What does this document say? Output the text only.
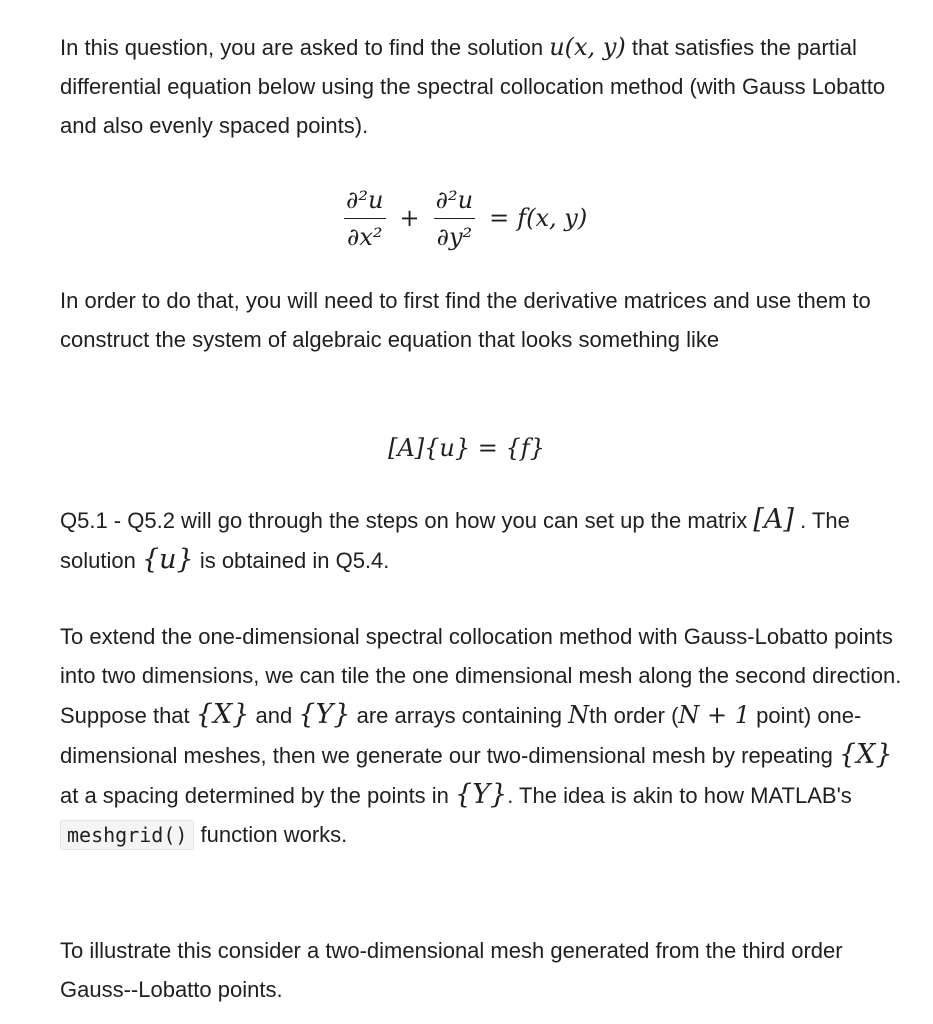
In this question, you are asked to find the solution u(x, y) that satisfies the partial differential equation below using the spectral collocation method (with Gauss Lobatto and also evenly spaced points).

$\frac{\text{∂²u}}{\text{∂x²}} + \frac{\text{∂²u}}{\text{∂y²}} = f(x$, y)

In order to do that, you will need to first find the derivative matrices and use them to construct the system of algebraic equation that looks something like

[A]{u} = {f}

Q5.1 - Q5.2 will go through the steps on how you can set up the matrix [A] . The solution {u} is obtained in Q5.4.

To extend the one-dimensional spectral collocation method with Gauss-Lobatto points into two dimensions, we can tile the one dimensional mesh along the second direction. Suppose that {X} and {Y} are arrays containing Nth order (N + 1 point) one-dimensional meshes, then we generate our two-dimensional mesh by repeating {X} at a spacing determined by the points in {Y}. The idea is akin to how MATLAB's meshgrid() function works.

To illustrate this consider a two-dimensional mesh generated from the third order Gauss--Lobatto points.
